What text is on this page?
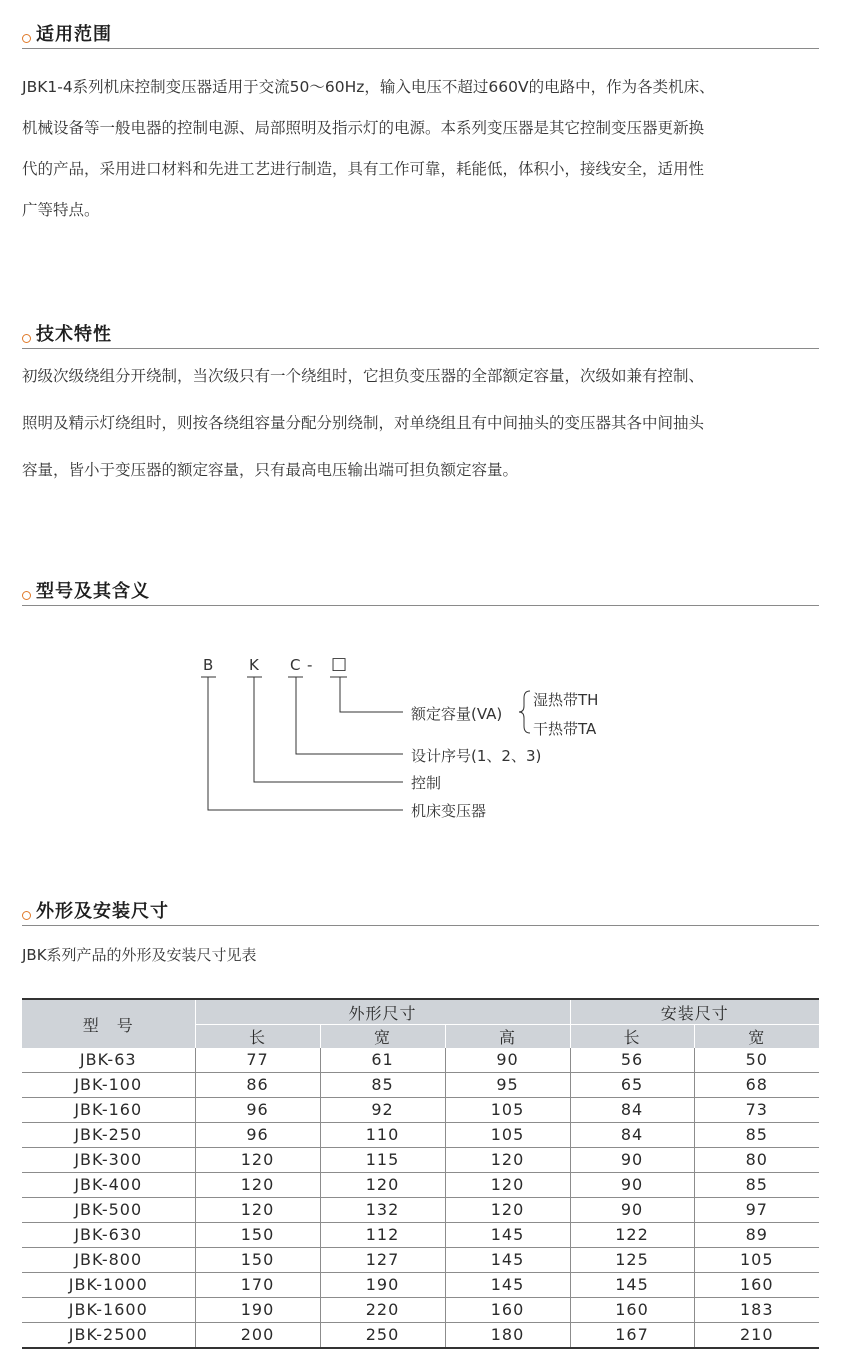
适用范围
JBK1-4系列机床控制变压器适用于交流50～60Hz，输入电压不超过660V的电路中，作为各类机床、
机械设备等一般电器的控制电源、局部照明及指示灯的电源。本系列变压器是其它控制变压器更新换
代的产品，采用进口材料和先进工艺进行制造，具有工作可靠，耗能低，体积小，接线安全，适用性
广等特点。
技术特性
初级次级绕组分开绕制，当次级只有一个绕组时，它担负变压器的全部额定容量，次级如兼有控制、
照明及精示灯绕组时，则按各绕组容量分配分别绕制，对单绕组且有中间抽头的变压器其各中间抽头
容量，皆小于变压器的额定容量，只有最高电压输出端可担负额定容量。
型号及其含义
B K C - □
额定容量(VA)
湿热带TH
干热带TA
设计序号(1、2、3)
控制
机床变压器
外形及安装尺寸
JBK系列产品的外形及安装尺寸见表
型　号	外形尺寸			安装尺寸	
	长	宽	高	长	宽
JBK-63	77	61	90	56	50
JBK-100	86	85	95	65	68
JBK-160	96	92	105	84	73
JBK-250	96	110	105	84	85
JBK-300	120	115	120	90	80
JBK-400	120	120	120	90	85
JBK-500	120	132	120	90	97
JBK-630	150	112	145	122	89
JBK-800	150	127	145	125	105
JBK-1000	170	190	145	145	160
JBK-1600	190	220	160	160	183
JBK-2500	200	250	180	167	210
